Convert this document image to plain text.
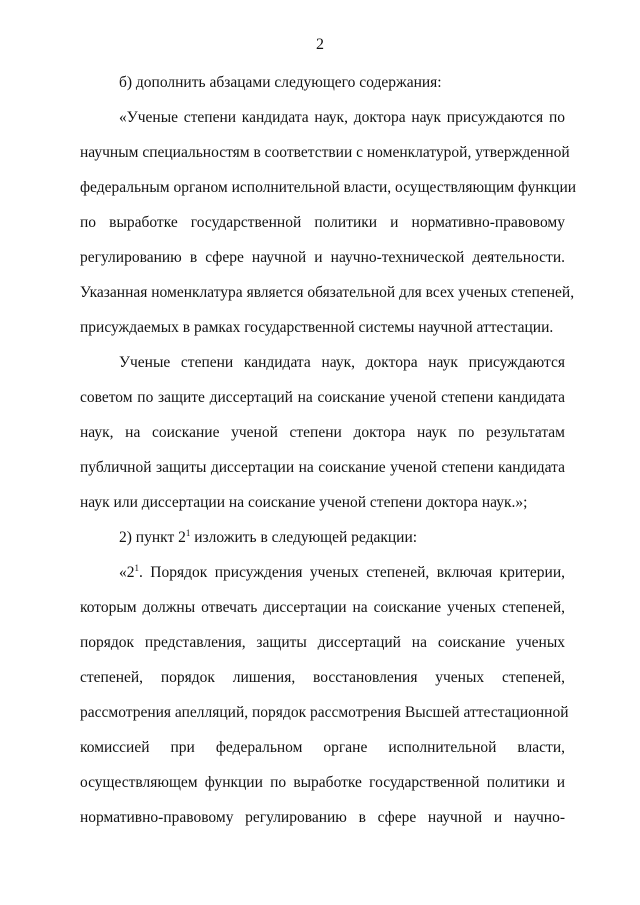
2
б) дополнить абзацами следующего содержания:
«Ученые степени кандидата наук, доктора наук присуждаются по
научным специальностям в соответствии с номенклатурой, утвержденной
федеральным органом исполнительной власти, осуществляющим функции
по выработке государственной политики и нормативно-правовому
регулированию в сфере научной и научно-технической деятельности.
Указанная номенклатура является обязательной для всех ученых степеней,
присуждаемых в рамках государственной системы научной аттестации.
Ученые степени кандидата наук, доктора наук присуждаются
советом по защите диссертаций на соискание ученой степени кандидата
наук, на соискание ученой степени доктора наук по результатам
публичной защиты диссертации на соискание ученой степени кандидата
наук или диссертации на соискание ученой степени доктора наук.»;
2) пункт $2^1$ изложить в следующей редакции:
«$2^1$. Порядок присуждения ученых степеней, включая критерии,
которым должны отвечать диссертации на соискание ученых степеней,
порядок представления, защиты диссертаций на соискание ученых
степеней, порядок лишения, восстановления ученых степеней,
рассмотрения апелляций, порядок рассмотрения Высшей аттестационной
комиссией при федеральном органе исполнительной власти,
осуществляющем функции по выработке государственной политики и
нормативно-правовому регулированию в сфере научной и научно-
